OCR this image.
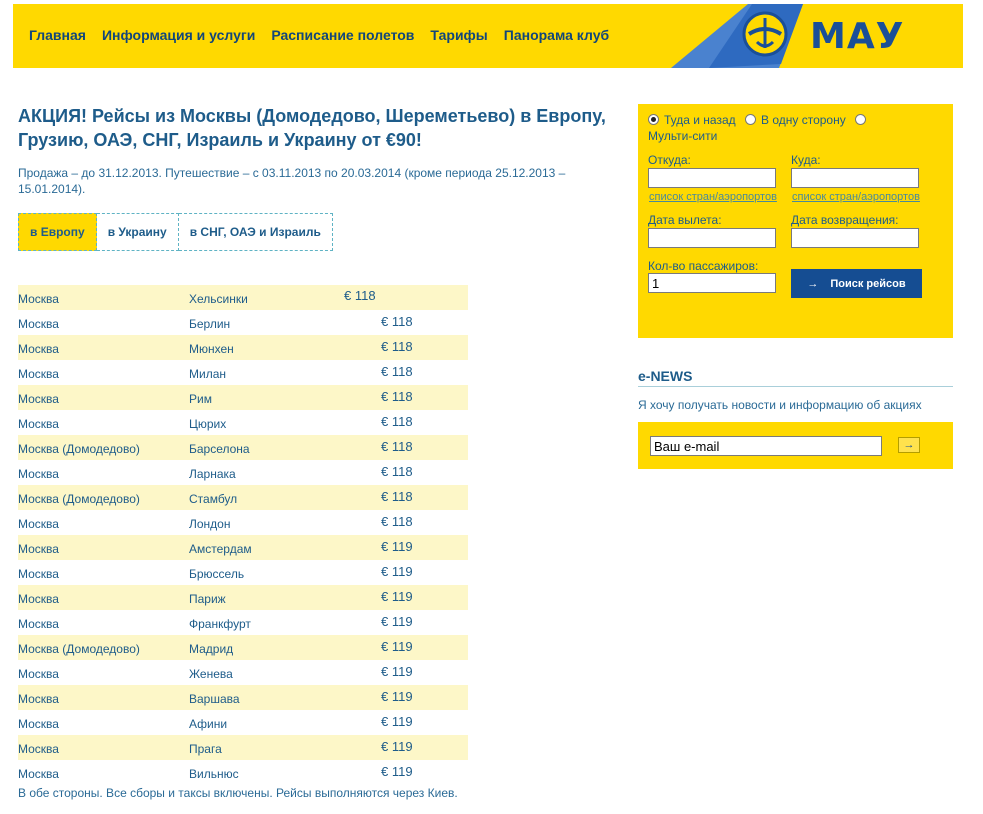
Главная Информация и услуги Расписание полетов Тарифы Панорама клуб	МАУ
АКЦИЯ! Рейсы из Москвы (Домодедово, Шереметьево) в Европу, Грузию, ОАЭ, СНГ, Израиль и Украину от €90!

Продажа – до 31.12.2013. Путешествие – с 03.11.2013 по 20.03.2014 (кроме периода 25.12.2013 – 15.01.2014).

в Европу	в Украину	в СНГ, ОАЭ и Израиль
Москва	Хельсинки	€ 118
Москва	Берлин	€ 118
Москва	Мюнхен	€ 118
Москва	Милан	€ 118
Москва	Рим	€ 118
Москва	Цюрих	€ 118
Москва (Домодедово)	Барселона	€ 118
Москва	Ларнака	€ 118
Москва (Домодедово)	Стамбул	€ 118
Москва	Лондон	€ 118
Москва	Амстердам	€ 119
Москва	Брюссель	€ 119
Москва	Париж	€ 119
Москва	Франкфурт	€ 119
Москва (Домодедово)	Мадрид	€ 119
Москва	Женева	€ 119
Москва	Варшава	€ 119
Москва	Афини	€ 119
Москва	Прага	€ 119
Москва	Вильнюс	€ 119

В обе стороны. Все сборы и таксы включены. Рейсы выполняются через Киев.

Туда и назад В одну сторону
Мульти-сити
Откуда:
список стран/аэропортов
Куда:
список стран/аэропортов
Дата вылета:	Дата возвращения:
Кол-во пассажиров:
1
→ Поиск рейсов
e-NEWS
Я хочу получать новости и информацию об акциях
Ваш e-mail
→
